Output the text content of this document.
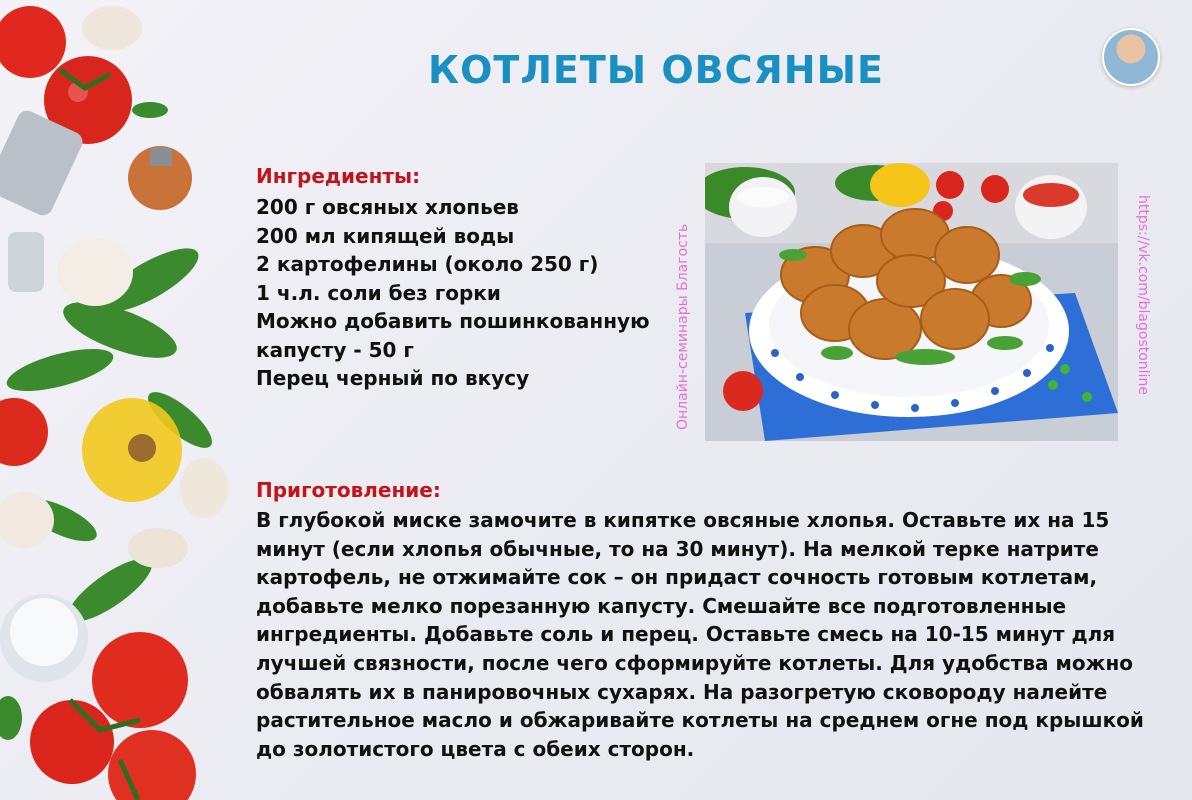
КОТЛЕТЫ ОВСЯНЫЕ
Ингредиенты:
200 г овсяных хлопьев
200 мл кипящей воды
2 картофелины (около 250 г)
1 ч.л. соли без горки
Можно добавить пошинкованную
капусту - 50 г
Перец черный по вкусу	Онлайн-семинары Благость	https://vk.com/blagostonline
Приготовление:

В глубокой миске замочите в кипятке овсяные хлопья. Оставьте их на 15 минут (если хлопья обычные, то на 30 минут). На мелкой терке натрите картофель, не отжимайте сок – он придаст сочность готовым котлетам, добавьте мелко порезанную капусту. Смешайте все подготовленные ингредиенты. Добавьте соль и перец. Оставьте смесь на 10-15 минут для лучшей связности, после чего сформируйте котлеты. Для удобства можно обвалять их в панировочных сухарях. На разогретую сковороду налейте растительное масло и обжаривайте котлеты на среднем огне под крышкой до золотистого цвета с обеих сторон.
